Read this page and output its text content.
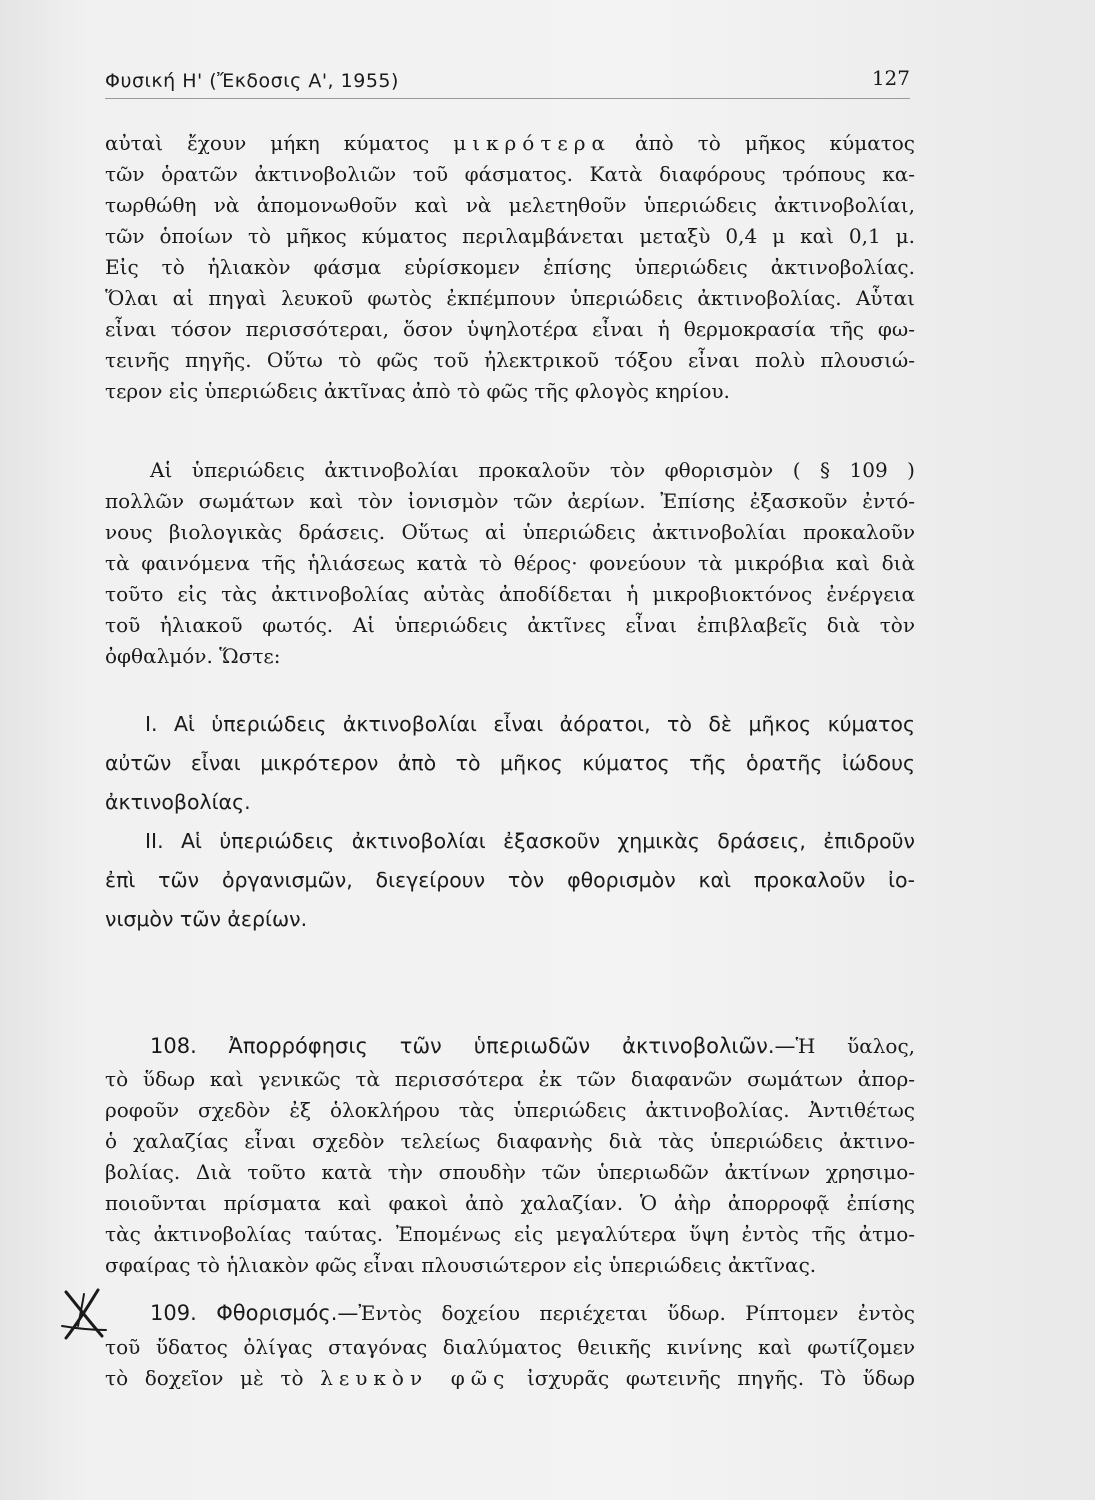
Φυσική Η' (Ἔκδοσις Α', 1955)	127
αὐταὶ ἔχουν μήκη κύματος μικρότερα ἀπὸ τὸ μῆκος κύματος
τῶν ὁρατῶν ἀκτινοβολιῶν τοῦ φάσματος. Κατὰ διαφόρους τρόπους κα-
τωρθώθη νὰ ἀπομονωθοῦν καὶ νὰ μελετηθοῦν ὑπεριώδεις ἀκτινοβολίαι,
τῶν ὁποίων τὸ μῆκος κύματος περιλαμβάνεται μεταξὺ 0,4 μ καὶ 0,1 μ.
Εἰς τὸ ἡλιακὸν φάσμα εὑρίσκομεν ἐπίσης ὑπεριώδεις ἀκτινοβολίας.
Ὅλαι αἱ πηγαὶ λευκοῦ φωτὸς ἐκπέμπουν ὑπεριώδεις ἀκτινοβολίας. Αὗται
εἶναι τόσον περισσότεραι, ὅσον ὑψηλοτέρα εἶναι ἡ θερμοκρασία τῆς φω-
τεινῆς πηγῆς. Οὕτω τὸ φῶς τοῦ ἠλεκτρικοῦ τόξου εἶναι πολὺ πλουσιώ-
τερον εἰς ὑπεριώδεις ἀκτῖνας ἀπὸ τὸ φῶς τῆς φλογὸς κηρίου.
Αἱ ὑπεριώδεις ἀκτινοβολίαι προκαλοῦν τὸν φθορισμὸν ( § 109 )
πολλῶν σωμάτων καὶ τὸν ἰονισμὸν τῶν ἀερίων. Ἐπίσης ἐξασκοῦν ἐντό-
νους βιολογικὰς δράσεις. Οὕτως αἱ ὑπεριώδεις ἀκτινοβολίαι προκαλοῦν
τὰ φαινόμενα τῆς ἡλιάσεως κατὰ τὸ θέρος· φονεύουν τὰ μικρόβια καὶ διὰ
τοῦτο εἰς τὰς ἀκτινοβολίας αὐτὰς ἀποδίδεται ἡ μικροβιοκτόνος ἐνέργεια
τοῦ ἡλιακοῦ φωτός. Αἱ ὑπεριώδεις ἀκτῖνες εἶναι ἐπιβλαβεῖς διὰ τὸν
ὀφθαλμόν. Ὥστε:
I. Αἱ ὑπεριώδεις ἀκτινοβολίαι εἶναι ἀόρατοι, τὸ δὲ μῆκος κύματος
αὐτῶν εἶναι μικρότερον ἀπὸ τὸ μῆκος κύματος τῆς ὁρατῆς ἰώδους
ἀκτινοβολίας.
II. Αἱ ὑπεριώδεις ἀκτινοβολίαι ἐξασκοῦν χημικὰς δράσεις, ἐπιδροῦν
ἐπὶ τῶν ὀργανισμῶν, διεγείρουν τὸν φθορισμὸν καὶ προκαλοῦν ἰο-
νισμὸν τῶν ἀερίων.
108. Ἀπορρόφησις τῶν ὑπεριωδῶν ἀκτινοβολιῶν.—Ἡ ὕαλος,
τὸ ὕδωρ καὶ γενικῶς τὰ περισσότερα ἐκ τῶν διαφανῶν σωμάτων ἀπορ-
ροφοῦν σχεδὸν ἐξ ὁλοκλήρου τὰς ὑπεριώδεις ἀκτινοβολίας. Ἀντιθέτως
ὁ χαλαζίας εἶναι σχεδὸν τελείως διαφανὴς διὰ τὰς ὑπεριώδεις ἀκτινο-
βολίας. Διὰ τοῦτο κατὰ τὴν σπουδὴν τῶν ὑπεριωδῶν ἀκτίνων χρησιμο-
ποιοῦνται πρίσματα καὶ φακοὶ ἀπὸ χαλαζίαν. Ὁ ἀὴρ ἀπορροφᾷ ἐπίσης
τὰς ἀκτινοβολίας ταύτας. Ἐπομένως εἰς μεγαλύτερα ὕψη ἐντὸς τῆς ἀτμο-
σφαίρας τὸ ἡλιακὸν φῶς εἶναι πλουσιώτερον εἰς ὑπεριώδεις ἀκτῖνας.
109. Φθορισμός.—Ἐντὸς δοχείου περιέχεται ὕδωρ. Ρίπτομεν ἐντὸς
τοῦ ὕδατος ὀλίγας σταγόνας διαλύματος θειικῆς κινίνης καὶ φωτίζομεν
τὸ δοχεῖον μὲ τὸ λευκὸν φῶς ἰσχυρᾶς φωτεινῆς πηγῆς. Τὸ ὕδωρ
